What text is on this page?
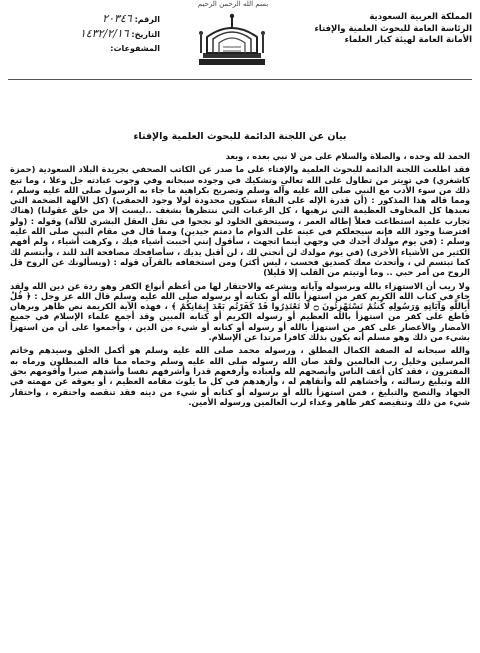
بسم الله الرحمن الرحيم
المملكة العربية السعودية
الرئاسة العامة للبحوث العلمية والإفتاء
الأمانة العامة لهيئة كبار العلماء
الرقم: ٢٠٣٤٦
التاريخ: ١٤٣٢/٢/١٦
المشفوعات:
بيان عن اللجنة الدائمة للبحوث العلمية والإفتاء

الحمد لله وحده ، والصلاة والسلام على من لا نبي بعده ، وبعد

فقد اطلعت اللجنة الدائمة للبحوث العلمية والإفتاء على ما صدر عن الكاتب الصحفي بجريدة البلاد السعودية (حمزة كاشغري) في تويتر من تطاول على الله تعالى وتشكيك في وجوده سبحانه وفي وجوب عبادته جل وعلا ، وما تبع ذلك من سوء الأدب مع النبي صلى الله عليه وآله وسلم وتصريح بكراهية ما جاء به الرسول صلى الله عليه وسلم ، ومما قاله هذا المذكور : (أن قدرة الإله على البقاء ستكون محدودة لولا وجود الحمقى) (كل الآلهة الضخمة التي نعبدها كل المخاوف العظيمة التي نرهبها ، كل الرغبات التي ننتظرها بشغف ..ليست إلا من خلق عقولنا) (هناك تجارب علمية استطاعت فعلاً إطالة العمر ، وسيتحقق الخلود لو نجحوا في نقل العقل البشري للآلة) وقوله : (ولو افترضنا وجود الله فإنه سيجعلكم في عينه على الدوام ما دمتم جيدين) ومما قال في مقام النبي صلى الله عليه وسلم : (في يوم مولدك أجدك في وجهي أينما اتجهت ، سأقول إنني أحببت أشياء فيك ، وكرهت أشياء ، ولم أفهم الكثير من الأشياء الأخرى) (في يوم مولدك لن أنحني لك ، لن أقبل يديك ، سأصافحك مصافحة الند للند ، وأبتسم لك كما تبتسم لي ، وأتحدث معك كصديق فحسب ، ليس أكثر) ومن استخفافه بالقرآن قوله : (ويسألونك عن الروح قل الروح من أمر حبي .. وما أوتيتم من القلب إلا قليلا)

ولا ريب أن الاستهزاء بالله وبرسوله وآياته وبشرعه والاحتقار لها من أعظم أنواع الكفر وهو ردة عن دين الله ولقد جاء في كتاب الله الكريم كفر من استهزأ بالله أو بكتابه أو برسوله صلى الله عليه وسلم قال الله عز وجل : ﴿ قُلْ أَبِاللَّهِ وَآيَاتِهِ وَرَسُولِهِ كُنتُمْ تَسْتَهْزِئُونَ ۝ لَا تَعْتَذِرُوا قَدْ كَفَرْتُم بَعْدَ إِيمَانِكُمْ ﴾ ، فهذه الآية الكريمة نص ظاهر وبرهان قاطع على كفر من استهزأ بالله العظيم أو رسوله الكريم أو كتابه المبين وقد أجمع علماء الإسلام في جميع الأمصار والأعصار على كفر من استهزأ بالله أو رسوله أو كتابه أو شيء من الدين ، وأجمعوا على أن من استهزأ بشيء من ذلك وهو مسلم أنه يكون بذلك كافرا مرتدا عن الإسلام.

والله سبحانه له الصفة الكمال المطلق ، ورسوله محمد صلى الله عليه وسلم هو أكمل الخلق وسيدهم وخاتم المرسلين وخليل رب العالمين ولقد صان الله رسوله صلى الله عليه وسلم وحماه مما قاله المبطلون ورماه به المفترون ، فقد كان أعف الناس وأنصحهم لله ولعباده وأرفعهم قدرا وأشرفهم نفسا وأشدهم صبرا وأقومهم بحق الله وتبليغ رسالته ، وأخشاهم لله وأتقاهم له ، وأزهدهم في كل ما يلوث مقامه العظيم ، أو يعوقه عن مهمته في الجهاد والنصح والتبليغ ، فمن استهزأ بالله أو برسوله أو كتابه أو شيء من دينه فقد تنقصه واحتقره ، واحتقار شيء من ذلك وتنقيصه كفر ظاهر وعداء لرب العالمين ورسوله الأمين.
